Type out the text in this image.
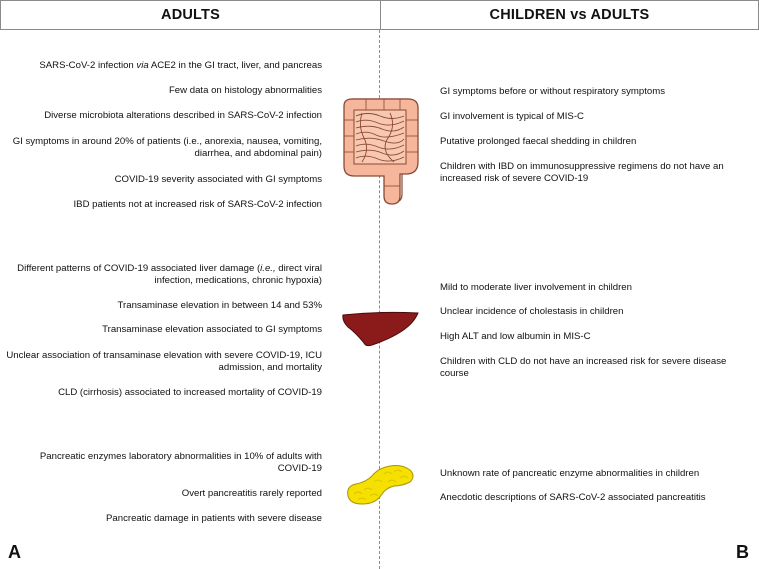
ADULTS	CHILDREN vs ADULTS
SARS-CoV-2 infection via ACE2 in the GI tract, liver, and pancreas
Few data on histology abnormalities
Diverse microbiota alterations described in SARS-CoV-2 infection
GI symptoms in around 20% of patients (i.e., anorexia, nausea, vomiting, diarrhea, and abdominal pain)
COVID-19 severity associated with GI symptoms
IBD patients not at increased risk of SARS-CoV-2 infection
Different patterns of COVID-19 associated liver damage (i.e., direct viral infection, medications, chronic hypoxia)
Transaminase elevation in between 14 and 53%
Transaminase elevation associated to GI symptoms
Unclear association of transaminase elevation with severe COVID-19, ICU admission, and mortality
CLD (cirrhosis) associated to increased mortality of COVID-19
Pancreatic enzymes laboratory abnormalities in 10% of adults with COVID-19
Overt pancreatitis rarely reported
Pancreatic damage in patients with severe disease
GI symptoms before or without respiratory symptoms
GI involvement is typical of MIS-C
Putative prolonged faecal shedding in children
Children with IBD on immunosuppressive regimens do not have an increased risk of severe COVID-19
Mild to moderate liver involvement in children
Unclear incidence of cholestasis in children
High ALT and low albumin in MIS-C
Children with CLD do not have an increased risk for severe disease course
Unknown rate of pancreatic enzyme abnormalities in children
Anecdotic descriptions of SARS-CoV-2 associated pancreatitis
A	B
